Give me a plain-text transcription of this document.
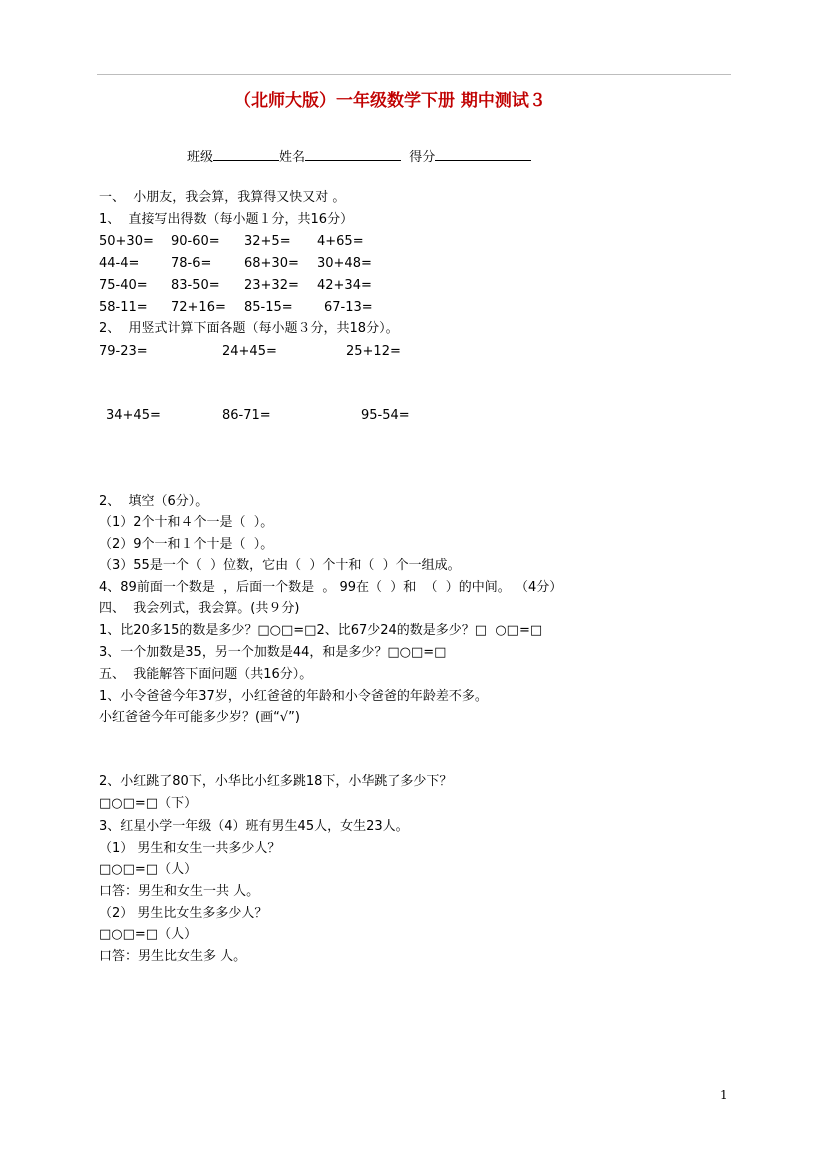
（北师大版）一年级数学下册 期中测试３
班级	姓名	得分
一、  小朋友，我会算，我算得又快又对 。
1、  直接写出得数（每小题１分，共16分）
50+30= 90-60= 32+5= 4+65=
44-4= 78-6=	68+30= 30+48=
75-40= 83-50= 23+32= 42+34=
58-11= 72+16= 85-15= 67-13=
2、  用竖式计算下面各题（每小题３分，共18分）。
79-23=	24+45=	25+12=
34+45=	86-71=	95-54=
2、  填空（6分）。
（1）2个十和４个一是（  ）。
（2）9个一和１个十是（  ）。
（3）55是一个（  ）位数，它由（  ）个十和（  ）个一组成。
4、89前面一个数是  ，后面一个数是  。 99在（  ）和  （  ）的中间。 （4分）
四、  我会列式，我会算。(共９分)
1、比20多15的数是多少？□○□=□2、比67少24的数是多少？□  ○□=□
3、一个加数是35，另一个加数是44，和是多少？□○□=□
五、  我能解答下面问题（共16分）。
1、小令爸爸今年37岁，小红爸爸的年龄和小令爸爸的年龄差不多。
小红爸爸今年可能多少岁？(画“√”)
2、小红跳了80下，小华比小红多跳18下，小华跳了多少下？
□○□=□（下）
3、红星小学一年级（4）班有男生45人，女生23人。
（1） 男生和女生一共多少人？
□○□=□（人）
口答：男生和女生一共 人。
（2） 男生比女生多多少人？
□○□=□（人）
口答：男生比女生多 人。
1
